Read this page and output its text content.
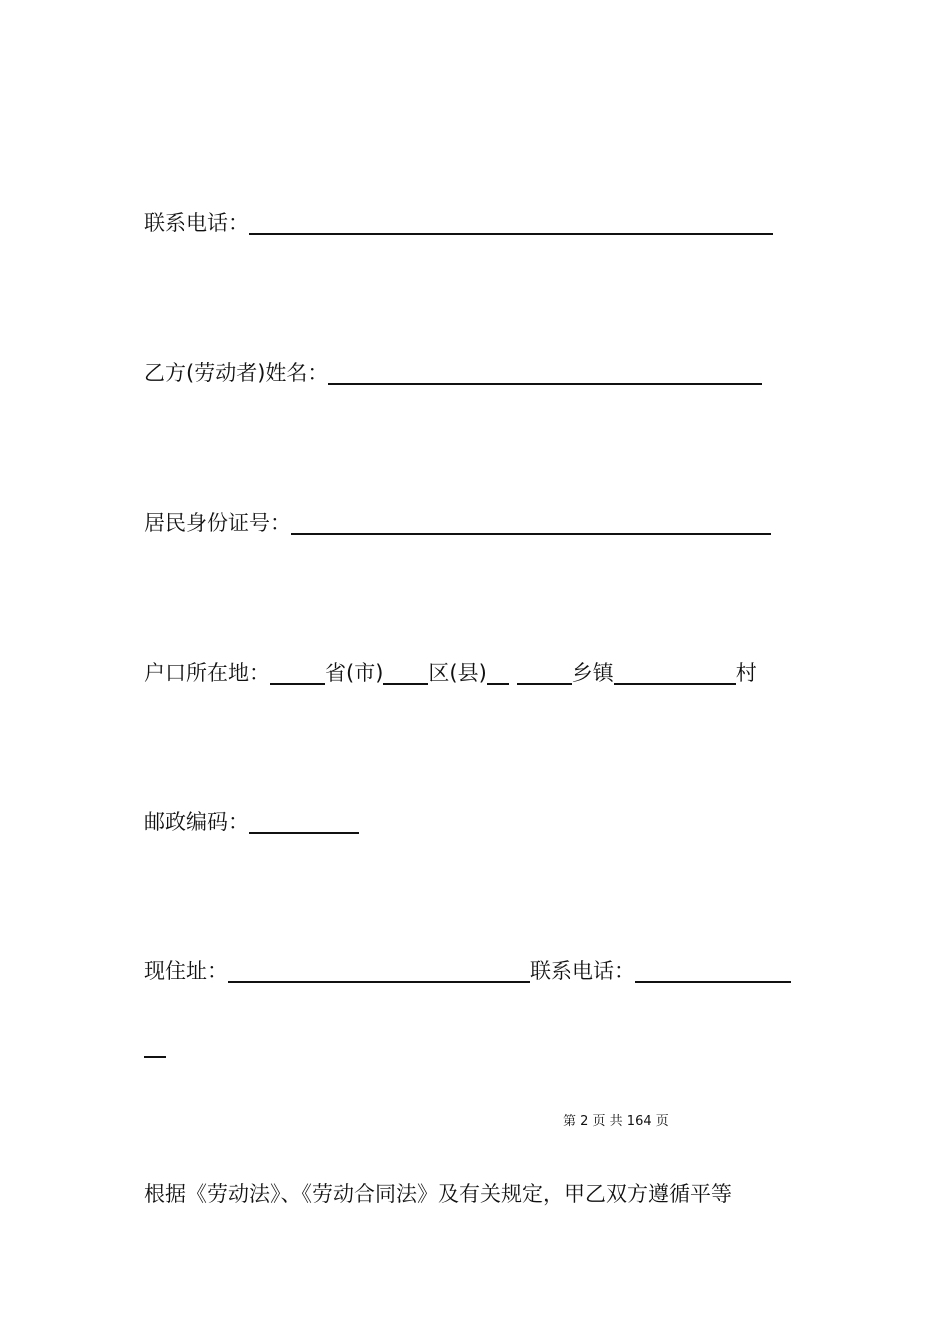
联系电话：
乙方(劳动者)姓名：
居民身份证号：
户口所在地：	省(市) 区(县)	乡镇	村
邮政编码：
现住址：	联系电话：
第 2 页 共 164 页
根据《劳动法》、《劳动合同法》及有关规定，甲乙双方遵循平等
